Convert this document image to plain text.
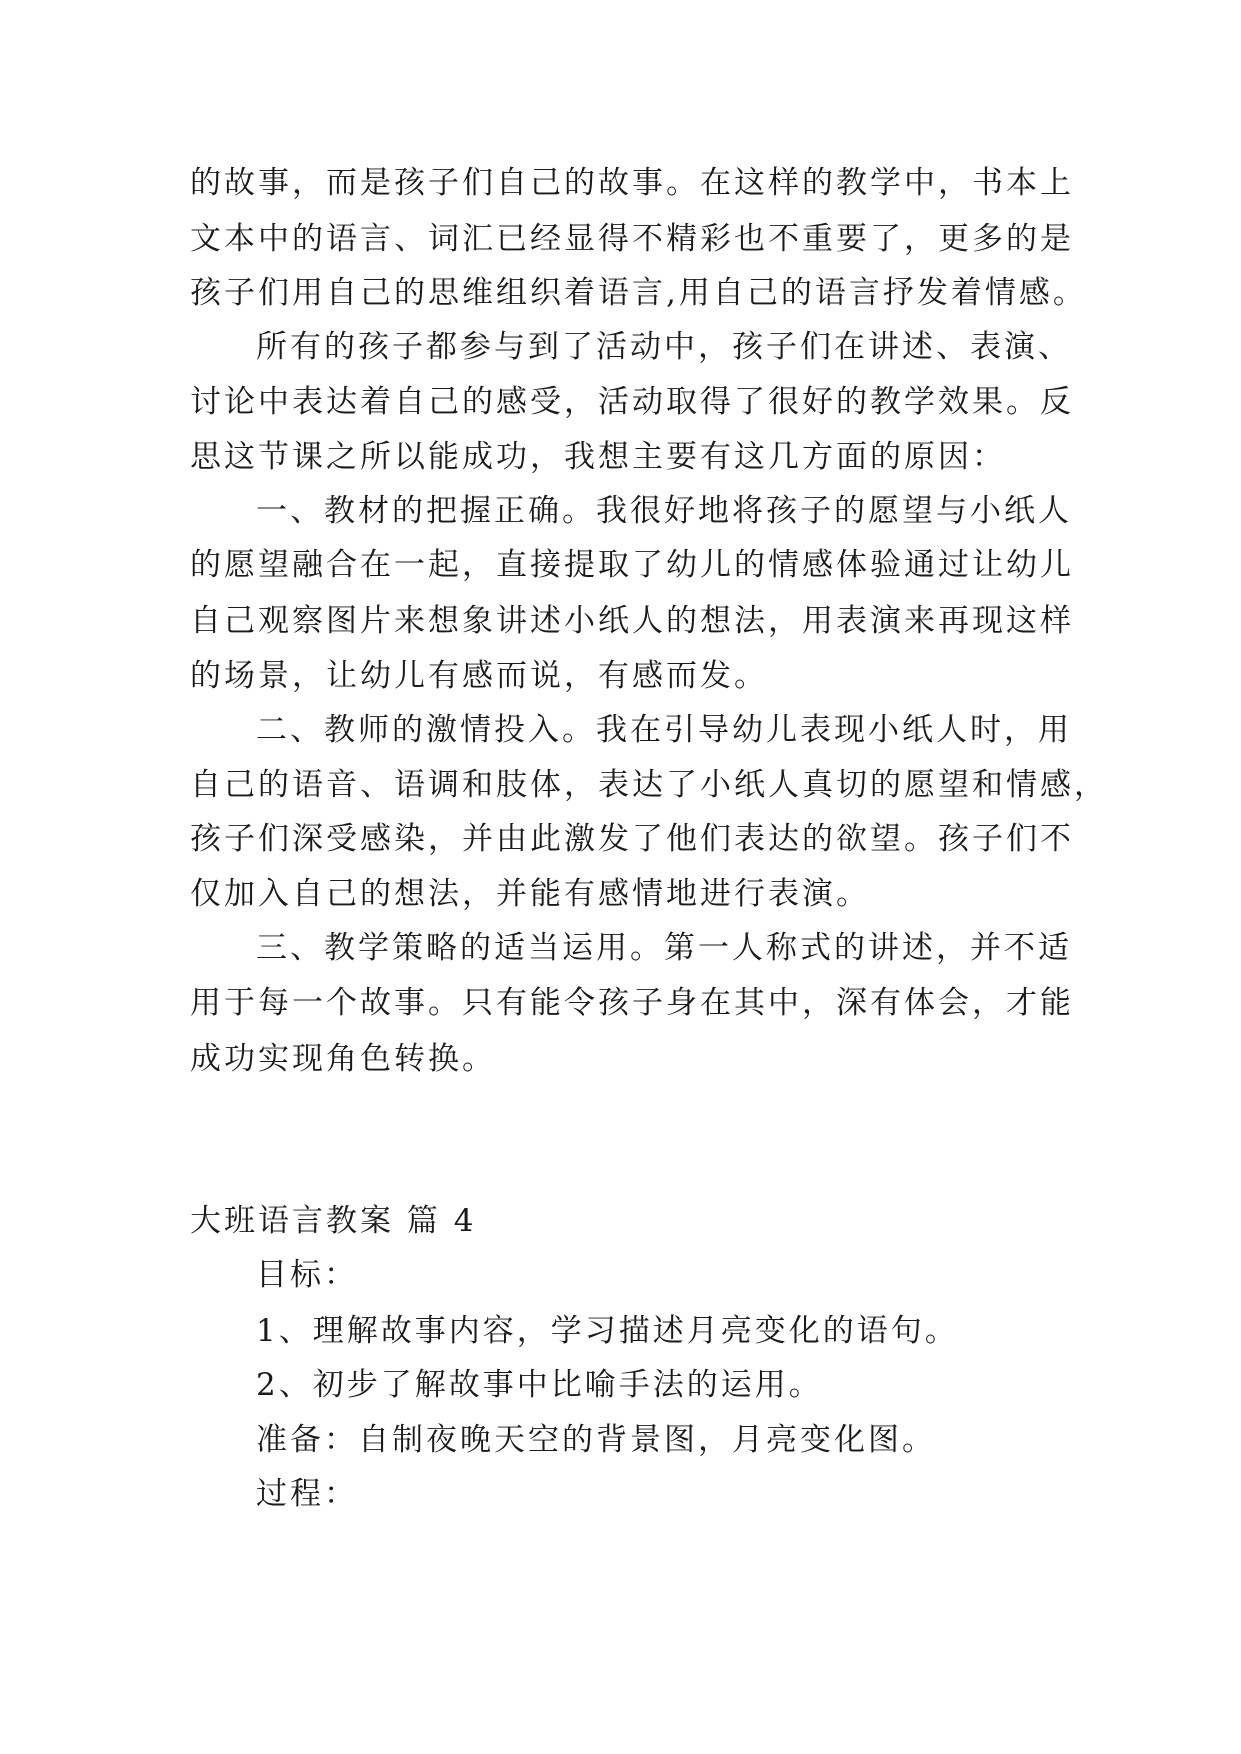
的故事，而是孩子们自己的故事。在这样的教学中，书本上
文本中的语言、词汇已经显得不精彩也不重要了，更多的是
孩子们用自己的思维组织着语言,用自己的语言抒发着情感。
所有的孩子都参与到了活动中，孩子们在讲述、表演、
讨论中表达着自己的感受，活动取得了很好的教学效果。反
思这节课之所以能成功，我想主要有这几方面的原因：
一、教材的把握正确。我很好地将孩子的愿望与小纸人
的愿望融合在一起，直接提取了幼儿的情感体验通过让幼儿
自己观察图片来想象讲述小纸人的想法，用表演来再现这样
的场景，让幼儿有感而说，有感而发。
二、教师的激情投入。我在引导幼儿表现小纸人时，用
自己的语音、语调和肢体，表达了小纸人真切的愿望和情感，
孩子们深受感染，并由此激发了他们表达的欲望。孩子们不
仅加入自己的想法，并能有感情地进行表演。
三、教学策略的适当运用。第一人称式的讲述，并不适
用于每一个故事。只有能令孩子身在其中，深有体会，才能
成功实现角色转换。
大班语言教案 篇 4
目标：
1、理解故事内容，学习描述月亮变化的语句。
2、初步了解故事中比喻手法的运用。
准备：自制夜晚天空的背景图，月亮变化图。
过程：
